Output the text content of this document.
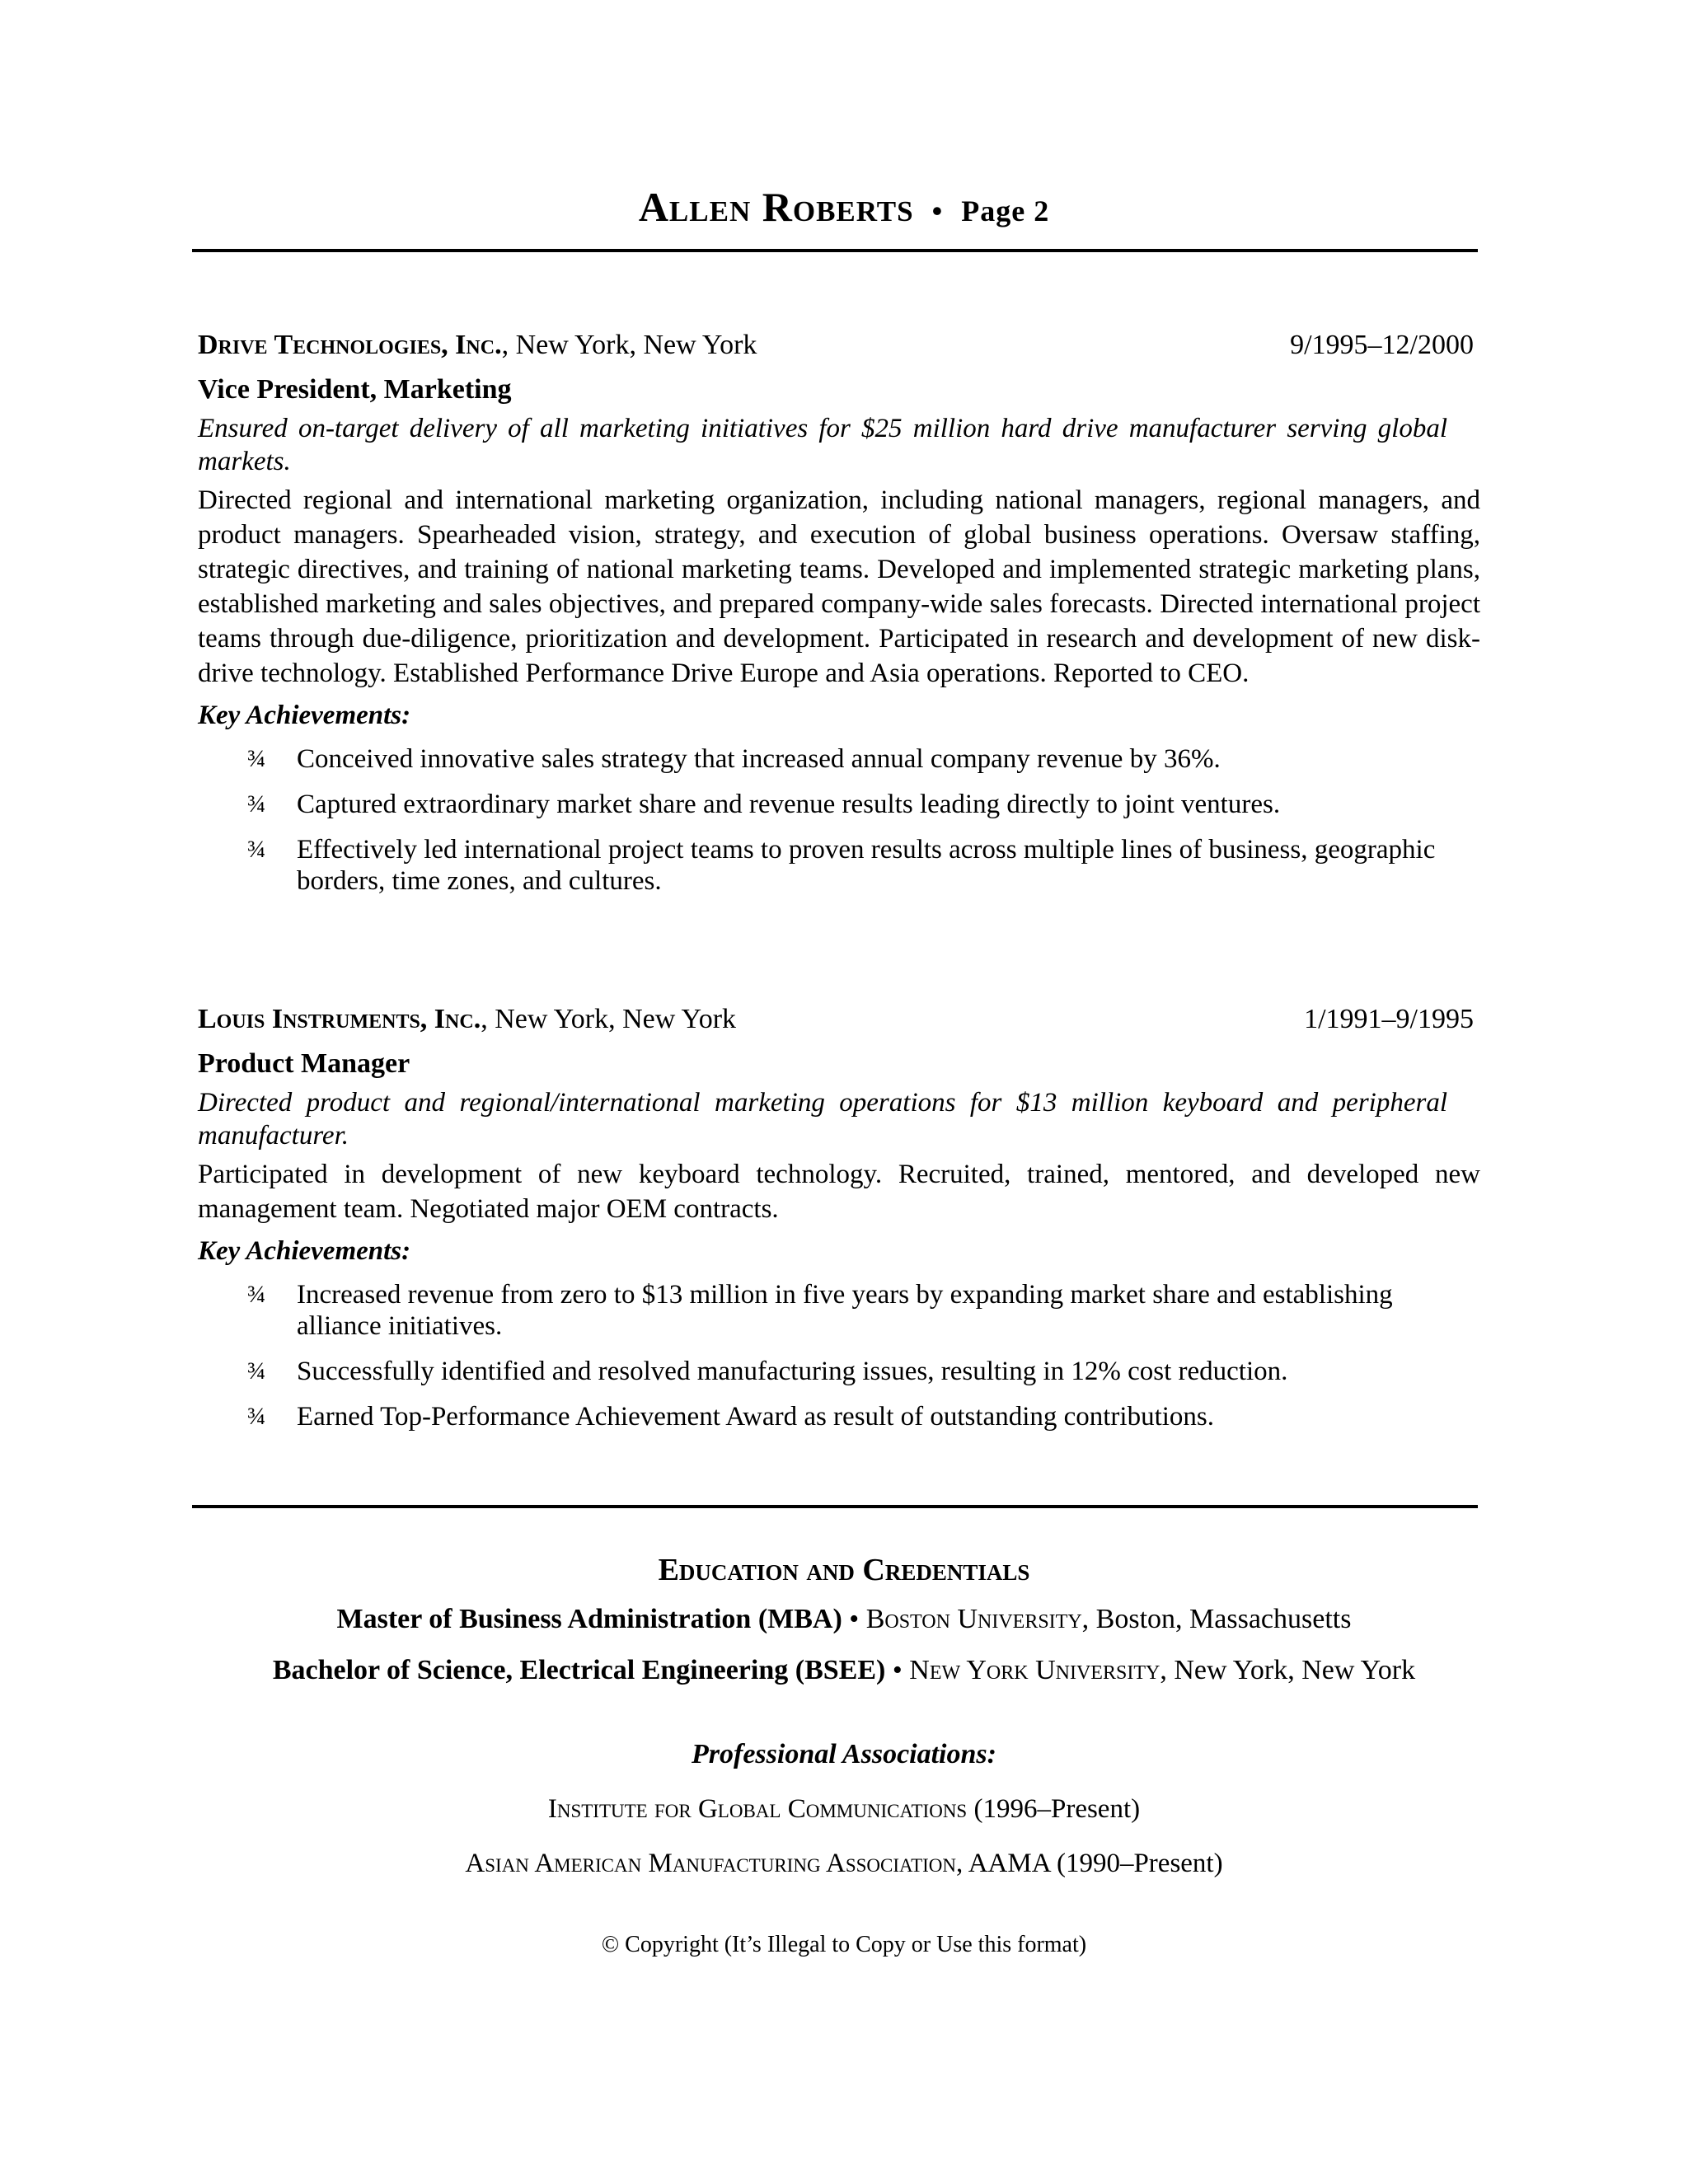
Allen Roberts • Page 2
Drive Technologies, Inc., New York, New York	9/1995–12/2000
Vice President, Marketing
Ensured on-target delivery of all marketing initiatives for $25 million hard drive manufacturer serving global markets.
Directed regional and international marketing organization, including national managers, regional managers, and product managers. Spearheaded vision, strategy, and execution of global business operations. Oversaw staffing, strategic directives, and training of national marketing teams. Developed and implemented strategic marketing plans, established marketing and sales objectives, and prepared company-wide sales forecasts. Directed international project teams through due-diligence, prioritization and development. Participated in research and development of new disk-drive technology. Established Performance Drive Europe and Asia operations. Reported to CEO.
Key Achievements:
¾ Conceived innovative sales strategy that increased annual company revenue by 36%.
¾ Captured extraordinary market share and revenue results leading directly to joint ventures.
¾ Effectively led international project teams to proven results across multiple lines of business, geographic borders, time zones, and cultures.
Louis Instruments, Inc., New York, New York	1/1991–9/1995
Product Manager
Directed product and regional/international marketing operations for $13 million keyboard and peripheral manufacturer.
Participated in development of new keyboard technology. Recruited, trained, mentored, and developed new management team. Negotiated major OEM contracts.
Key Achievements:
¾ Increased revenue from zero to $13 million in five years by expanding market share and establishing alliance initiatives.
¾ Successfully identified and resolved manufacturing issues, resulting in 12% cost reduction.
¾ Earned Top-Performance Achievement Award as result of outstanding contributions.
Education and Credentials
Master of Business Administration (MBA) • Boston University, Boston, Massachusetts
Bachelor of Science, Electrical Engineering (BSEE) • New York University, New York, New York
Professional Associations:
Institute for Global Communications (1996–Present)
Asian American Manufacturing Association, AAMA (1990–Present)
© Copyright (It’s Illegal to Copy or Use this format)
